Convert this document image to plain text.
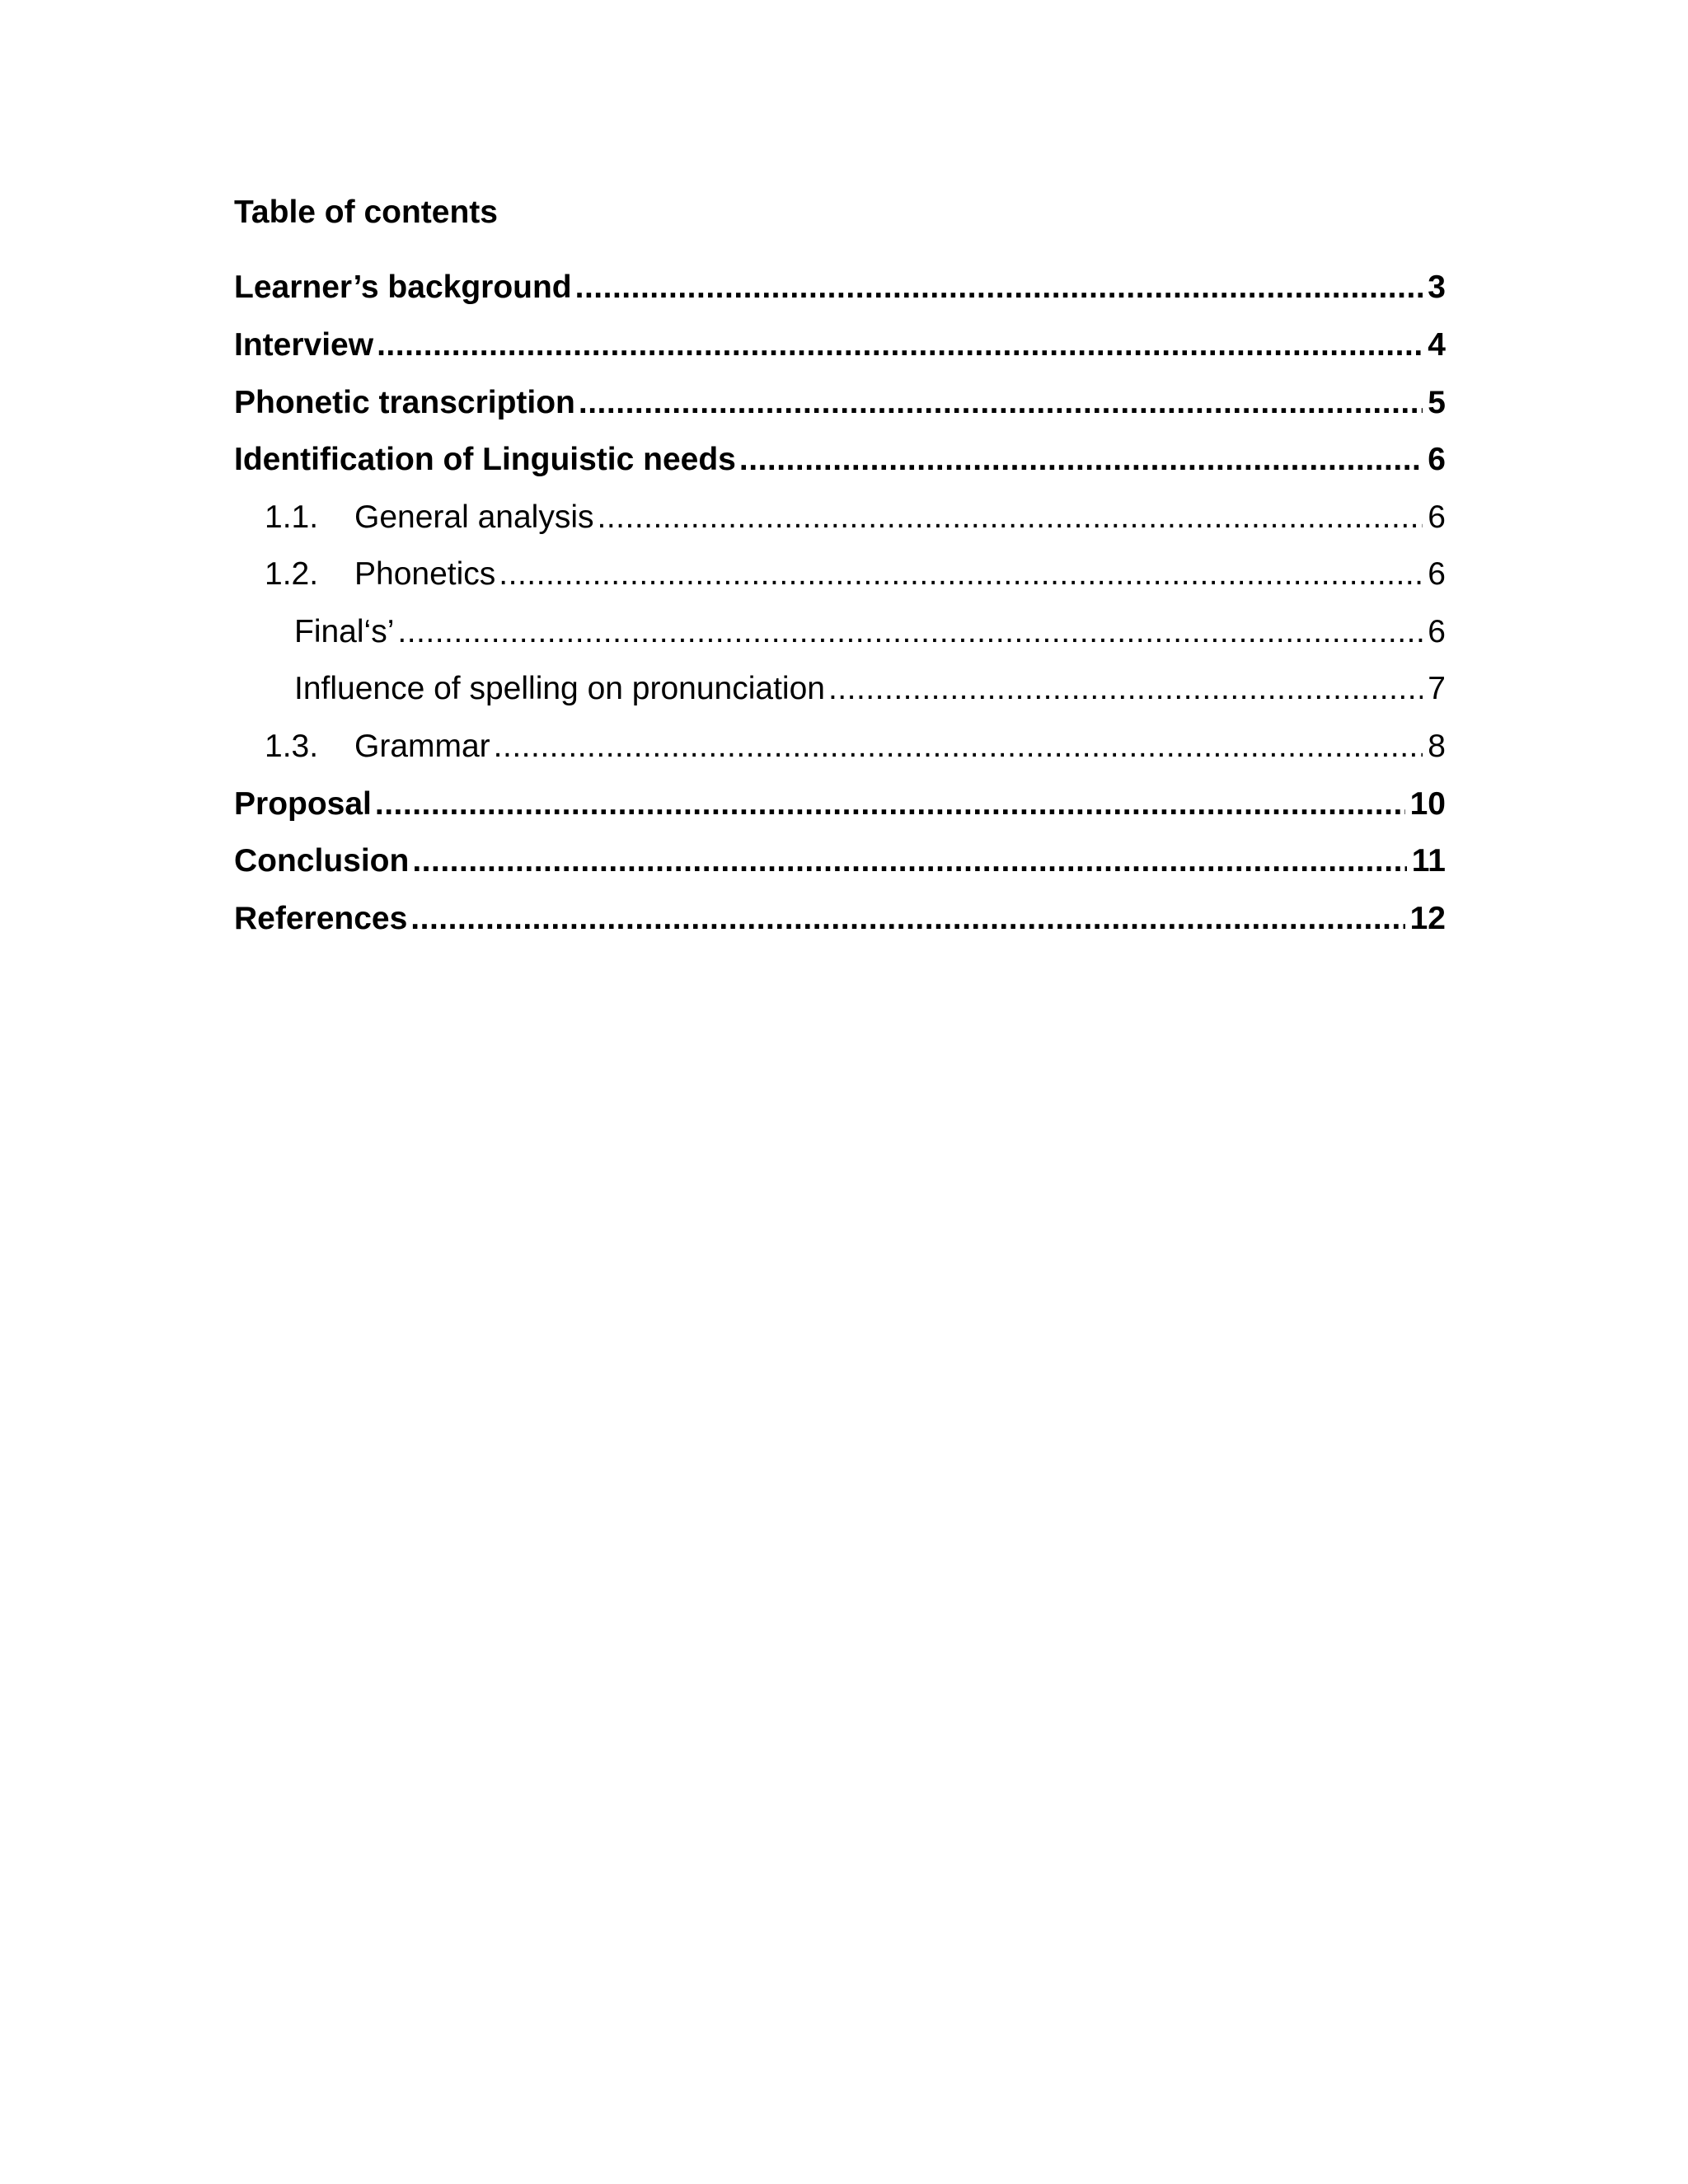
Table of contents
Learner’s background .....	3
Interview .....	4
Phonetic transcription .....	5
Identification of Linguistic needs .....	6
1.1.	General analysis .....	6
1.2.	Phonetics .....	6
Final‘s’ .....	6
Influence of spelling on pronunciation .....	7
1.3.	Grammar .....	8
Proposal .....	10
Conclusion .....	11
References .....	12
